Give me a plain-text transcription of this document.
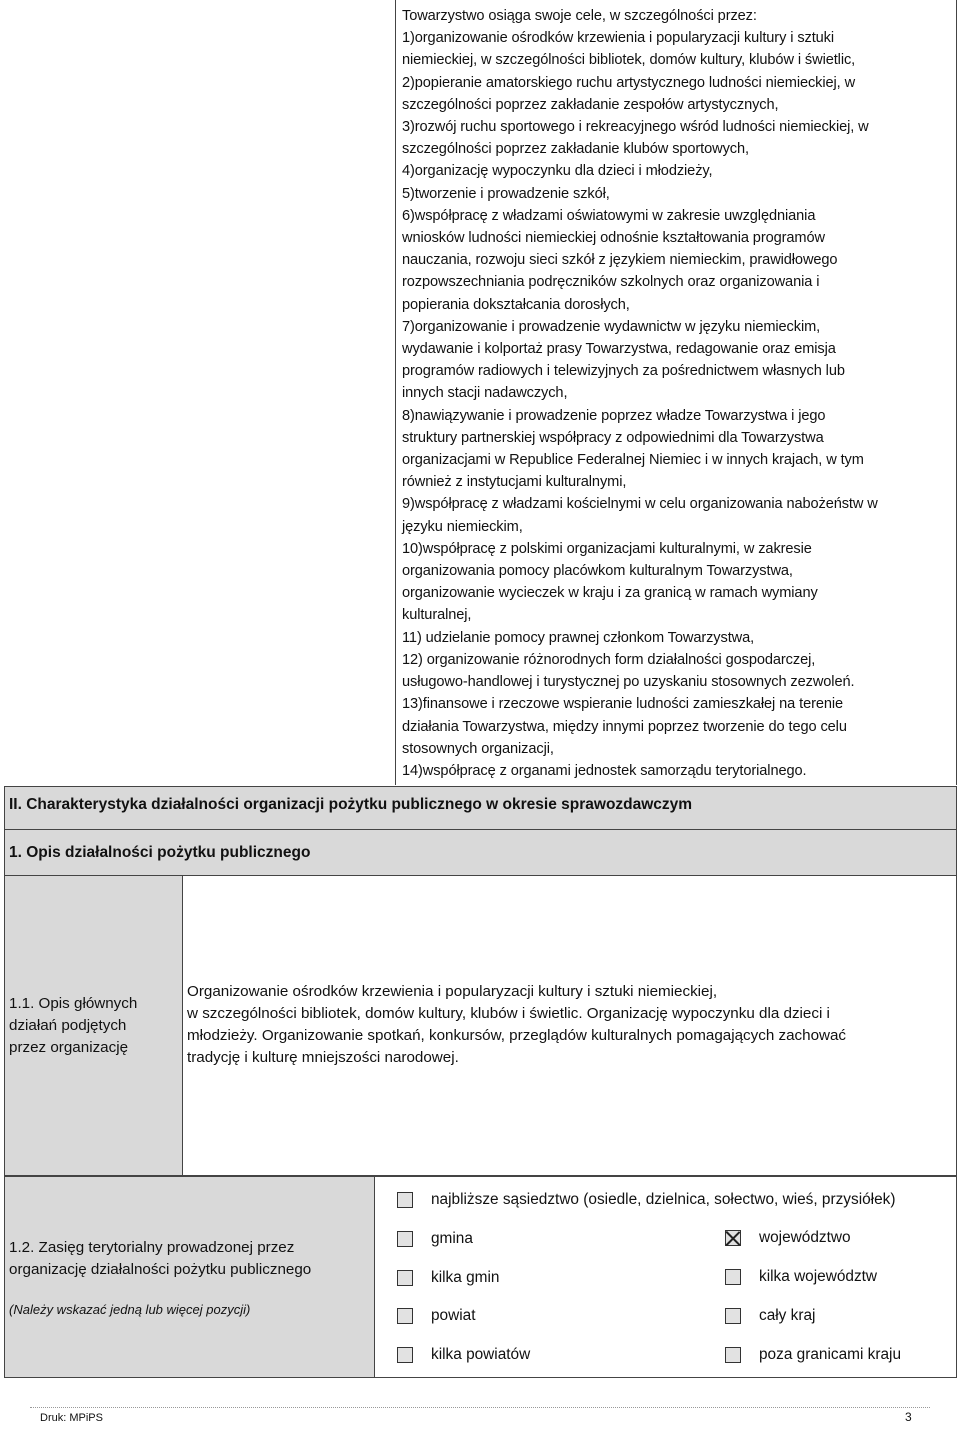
Towarzystwo osiąga swoje cele, w szczególności przez:
1)organizowanie ośrodków krzewienia i popularyzacji kultury i sztuki
niemieckiej, w szczególności bibliotek, domów kultury, klubów i świetlic,
2)popieranie amatorskiego ruchu artystycznego ludności niemieckiej, w
szczególności poprzez zakładanie zespołów artystycznych,
3)rozwój ruchu sportowego i rekreacyjnego wśród ludności niemieckiej, w
szczególności poprzez zakładanie klubów sportowych,
4)organizację wypoczynku dla dzieci i młodzieży,
5)tworzenie i prowadzenie szkół,
6)współpracę z władzami oświatowymi w zakresie uwzględniania
wniosków ludności niemieckiej odnośnie kształtowania programów
nauczania, rozwoju sieci szkół z językiem niemieckim, prawidłowego
rozpowszechniania podręczników szkolnych oraz organizowania i
popierania dokształcania dorosłych,
7)organizowanie i prowadzenie wydawnictw w języku niemieckim,
wydawanie i kolportaż prasy Towarzystwa, redagowanie oraz emisja
programów radiowych i telewizyjnych za pośrednictwem własnych lub
innych stacji nadawczych,
8)nawiązywanie i prowadzenie poprzez władze Towarzystwa i jego
struktury partnerskiej współpracy z odpowiednimi dla Towarzystwa
organizacjami w Republice Federalnej Niemiec i w innych krajach, w tym
również z instytucjami kulturalnymi,
9)współpracę z władzami kościelnymi w celu organizowania nabożeństw w
języku niemieckim,
10)współpracę z polskimi organizacjami kulturalnymi, w zakresie
organizowania pomocy placówkom kulturalnym Towarzystwa,
organizowanie wycieczek w kraju i za granicą w ramach wymiany
kulturalnej,
11) udzielanie pomocy prawnej członkom Towarzystwa,
12) organizowanie różnorodnych form działalności gospodarczej,
usługowo-handlowej i turystycznej po uzyskaniu stosownych zezwoleń.
13)finansowe i rzeczowe wspieranie ludności zamieszkałej na terenie
działania Towarzystwa, między innymi poprzez tworzenie do tego celu
stosownych organizacji,
14)współpracę z organami jednostek samorządu terytorialnego.
II. Charakterystyka działalności organizacji pożytku publicznego w okresie sprawozdawczym
1. Opis działalności pożytku publicznego
1.1. Opis głównych
działań podjętych
przez organizację
Organizowanie ośrodków krzewienia i popularyzacji kultury i sztuki niemieckiej,
w szczególności bibliotek, domów kultury, klubów i świetlic. Organizację wypoczynku dla dzieci i
młodzieży. Organizowanie spotkań, konkursów, przeglądów kulturalnych pomagających zachować
tradycję i kulturę mniejszości narodowej.
1.2. Zasięg terytorialny prowadzonej przez
organizację działalności pożytku publicznego
(Należy wskazać jedną lub więcej pozycji)
najbliższe sąsiedztwo (osiedle, dzielnica, sołectwo, wieś, przysiółek)
gmina
kilka gmin
powiat
kilka powiatów
województwo
kilka województw
cały kraj
poza granicami kraju
Druk: MPiPS	3
